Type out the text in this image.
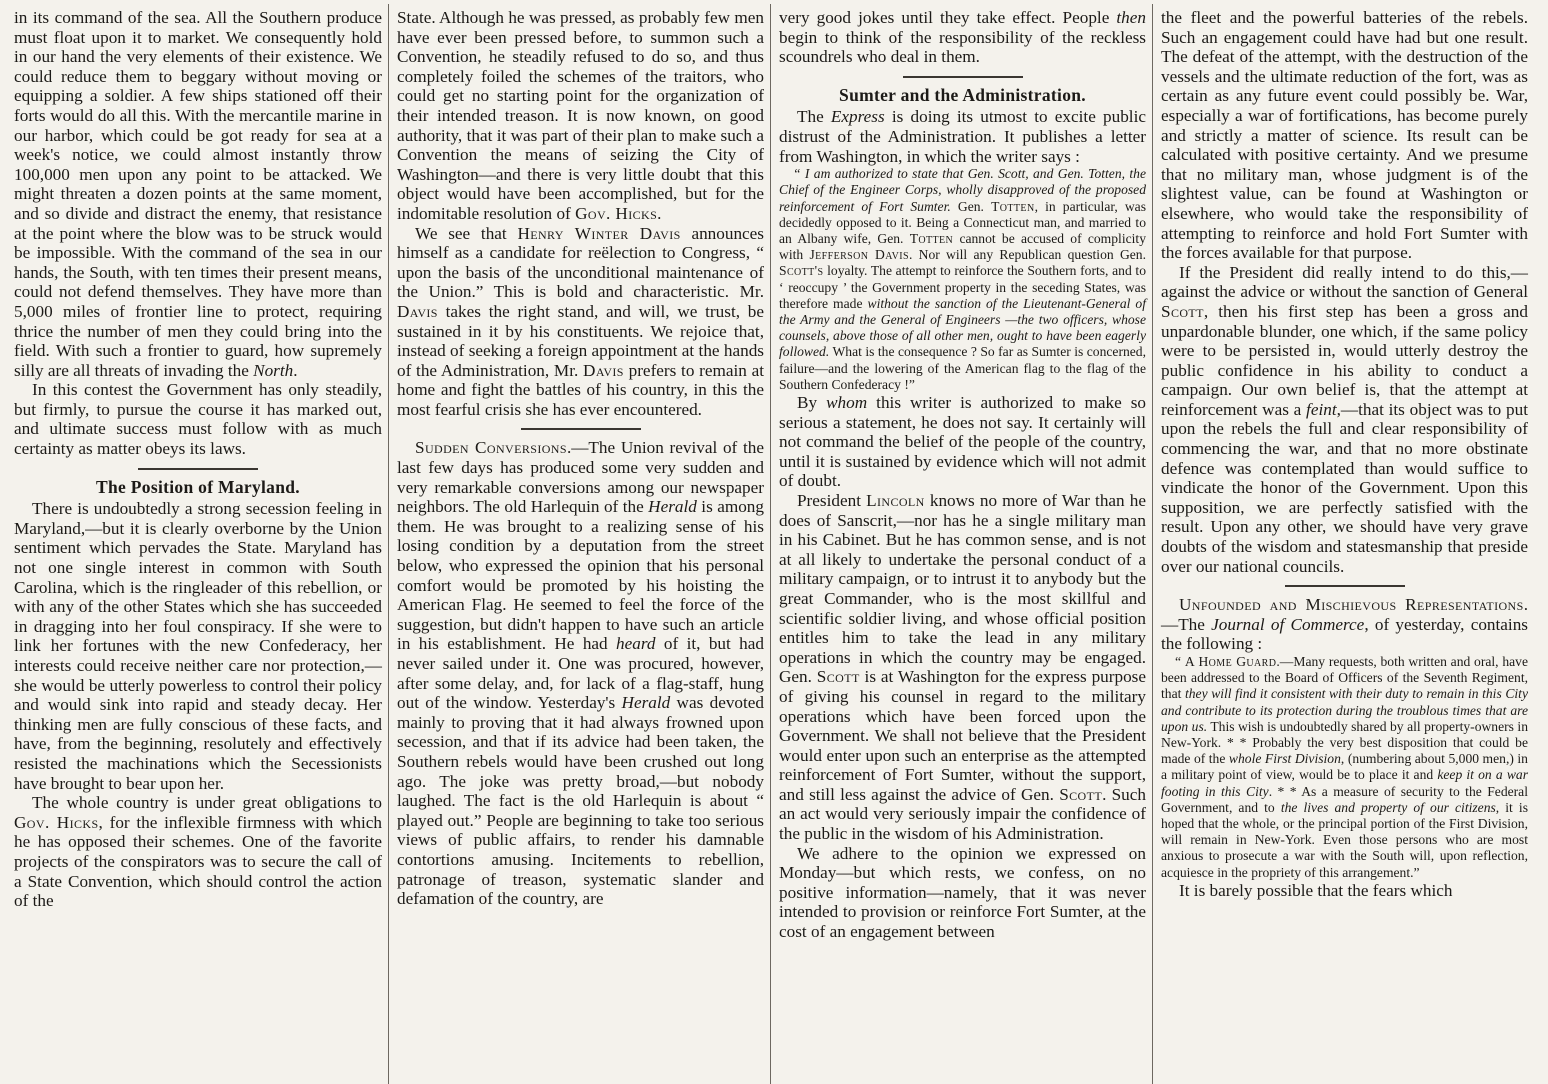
in its command of the sea. All the Southern produce must float upon it to market. We consequently hold in our hand the very elements of their existence. We could reduce them to beggary without moving or equipping a soldier. A few ships stationed off their forts would do all this. With the mercantile marine in our harbor, which could be got ready for sea at a week's notice, we could almost instantly throw 100,000 men upon any point to be attacked. We might threaten a dozen points at the same moment, and so divide and distract the enemy, that resistance at the point where the blow was to be struck would be impossible. With the command of the sea in our hands, the South, with ten times their present means, could not defend themselves. They have more than 5,000 miles of frontier line to protect, requiring thrice the number of men they could bring into the field. With such a frontier to guard, how supremely silly are all threats of invading the North.

In this contest the Government has only steadily, but firmly, to pursue the course it has marked out, and ultimate success must follow with as much certainty as matter obeys its laws.

The Position of Maryland.

There is undoubtedly a strong secession feeling in Maryland,—but it is clearly overborne by the Union sentiment which pervades the State. Maryland has not one single interest in common with South Carolina, which is the ringleader of this rebellion, or with any of the other States which she has succeeded in dragging into her foul conspiracy. If she were to link her fortunes with the new Confederacy, her interests could receive neither care nor protection,—she would be utterly powerless to control their policy and would sink into rapid and steady decay. Her thinking men are fully conscious of these facts, and have, from the beginning, resolutely and effectively resisted the machinations which the Secessionists have brought to bear upon her.

The whole country is under great obligations to Gov. Hicks, for the inflexible firmness with which he has opposed their schemes. One of the favorite projects of the conspirators was to secure the call of a State Convention, which should control the action of the

State. Although he was pressed, as probably few men have ever been pressed before, to summon such a Convention, he steadily refused to do so, and thus completely foiled the schemes of the traitors, who could get no starting point for the organization of their intended treason. It is now known, on good authority, that it was part of their plan to make such a Convention the means of seizing the City of Washington—and there is very little doubt that this object would have been accomplished, but for the indomitable resolution of Gov. Hicks.

We see that Henry Winter Davis announces himself as a candidate for reëlection to Congress, “ upon the basis of the unconditional maintenance of the Union.” This is bold and characteristic. Mr. Davis takes the right stand, and will, we trust, be sustained in it by his constituents. We rejoice that, instead of seeking a foreign appointment at the hands of the Administration, Mr. Davis prefers to remain at home and fight the battles of his country, in this the most fearful crisis she has ever encountered.

Sudden Conversions.—The Union revival of the last few days has produced some very sudden and very remarkable conversions among our newspaper neighbors. The old Harlequin of the Herald is among them. He was brought to a realizing sense of his losing condition by a deputation from the street below, who expressed the opinion that his personal comfort would be promoted by his hoisting the American Flag. He seemed to feel the force of the suggestion, but didn't happen to have such an article in his establishment. He had heard of it, but had never sailed under it. One was procured, however, after some delay, and, for lack of a flag-staff, hung out of the window. Yesterday's Herald was devoted mainly to proving that it had always frowned upon secession, and that if its advice had been taken, the Southern rebels would have been crushed out long ago. The joke was pretty broad,—but nobody laughed. The fact is the old Harlequin is about “ played out.” People are beginning to take too serious views of public affairs, to render his damnable contortions amusing. Incitements to rebellion, patronage of treason, systematic slander and defamation of the country, are

very good jokes until they take effect. People then begin to think of the responsibility of the reckless scoundrels who deal in them.

Sumter and the Administration.

The Express is doing its utmost to excite public distrust of the Administration. It publishes a letter from Washington, in which the writer says :

“ I am authorized to state that Gen. Scott, and Gen. Totten, the Chief of the Engineer Corps, wholly disapproved of the proposed reinforcement of Fort Sumter. Gen. Totten, in particular, was decidedly opposed to it. Being a Connecticut man, and married to an Albany wife, Gen. Totten cannot be accused of complicity with Jefferson Davis. Nor will any Republican question Gen. Scott's loyalty. The attempt to reinforce the Southern forts, and to ‘ reoccupy ’ the Government property in the seceding States, was therefore made without the sanction of the Lieutenant-General of the Army and the General of Engineers —the two officers, whose counsels, above those of all other men, ought to have been eagerly followed. What is the consequence ? So far as Sumter is concerned, failure—and the lowering of the American flag to the flag of the Southern Confederacy !”

By whom this writer is authorized to make so serious a statement, he does not say. It certainly will not command the belief of the people of the country, until it is sustained by evidence which will not admit of doubt.

President Lincoln knows no more of War than he does of Sanscrit,—nor has he a single military man in his Cabinet. But he has common sense, and is not at all likely to undertake the personal conduct of a military campaign, or to intrust it to anybody but the great Commander, who is the most skillful and scientific soldier living, and whose official position entitles him to take the lead in any military operations in which the country may be engaged. Gen. Scott is at Washington for the express purpose of giving his counsel in regard to the military operations which have been forced upon the Government. We shall not believe that the President would enter upon such an enterprise as the attempted reinforcement of Fort Sumter, without the support, and still less against the advice of Gen. Scott. Such an act would very seriously impair the confidence of the public in the wisdom of his Administration.

We adhere to the opinion we expressed on Monday—but which rests, we confess, on no positive information—namely, that it was never intended to provision or reinforce Fort Sumter, at the cost of an engagement between

the fleet and the powerful batteries of the rebels. Such an engagement could have had but one result. The defeat of the attempt, with the destruction of the vessels and the ultimate reduction of the fort, was as certain as any future event could possibly be. War, especially a war of fortifications, has become purely and strictly a matter of science. Its result can be calculated with positive certainty. And we presume that no military man, whose judgment is of the slightest value, can be found at Washington or elsewhere, who would take the responsibility of attempting to reinforce and hold Fort Sumter with the forces available for that purpose.

If the President did really intend to do this,—against the advice or without the sanction of General Scott, then his first step has been a gross and unpardonable blunder, one which, if the same policy were to be persisted in, would utterly destroy the public confidence in his ability to conduct a campaign. Our own belief is, that the attempt at reinforcement was a feint,—that its object was to put upon the rebels the full and clear responsibility of commencing the war, and that no more obstinate defence was contemplated than would suffice to vindicate the honor of the Government. Upon this supposition, we are perfectly satisfied with the result. Upon any other, we should have very grave doubts of the wisdom and statesmanship that preside over our national councils.

Unfounded and Mischievous Representations.—The Journal of Commerce, of yesterday, contains the following :

“ A Home Guard.—Many requests, both written and oral, have been addressed to the Board of Officers of the Seventh Regiment, that they will find it consistent with their duty to remain in this City and contribute to its protection during the troublous times that are upon us. This wish is undoubtedly shared by all property-owners in New-York. * * Probably the very best disposition that could be made of the whole First Division, (numbering about 5,000 men,) in a military point of view, would be to place it and keep it on a war footing in this City. * * As a measure of security to the Federal Government, and to the lives and property of our citizens, it is hoped that the whole, or the principal portion of the First Division, will remain in New-York. Even those persons who are most anxious to prosecute a war with the South will, upon reflection, acquiesce in the propriety of this arrangement.”

It is barely possible that the fears which
